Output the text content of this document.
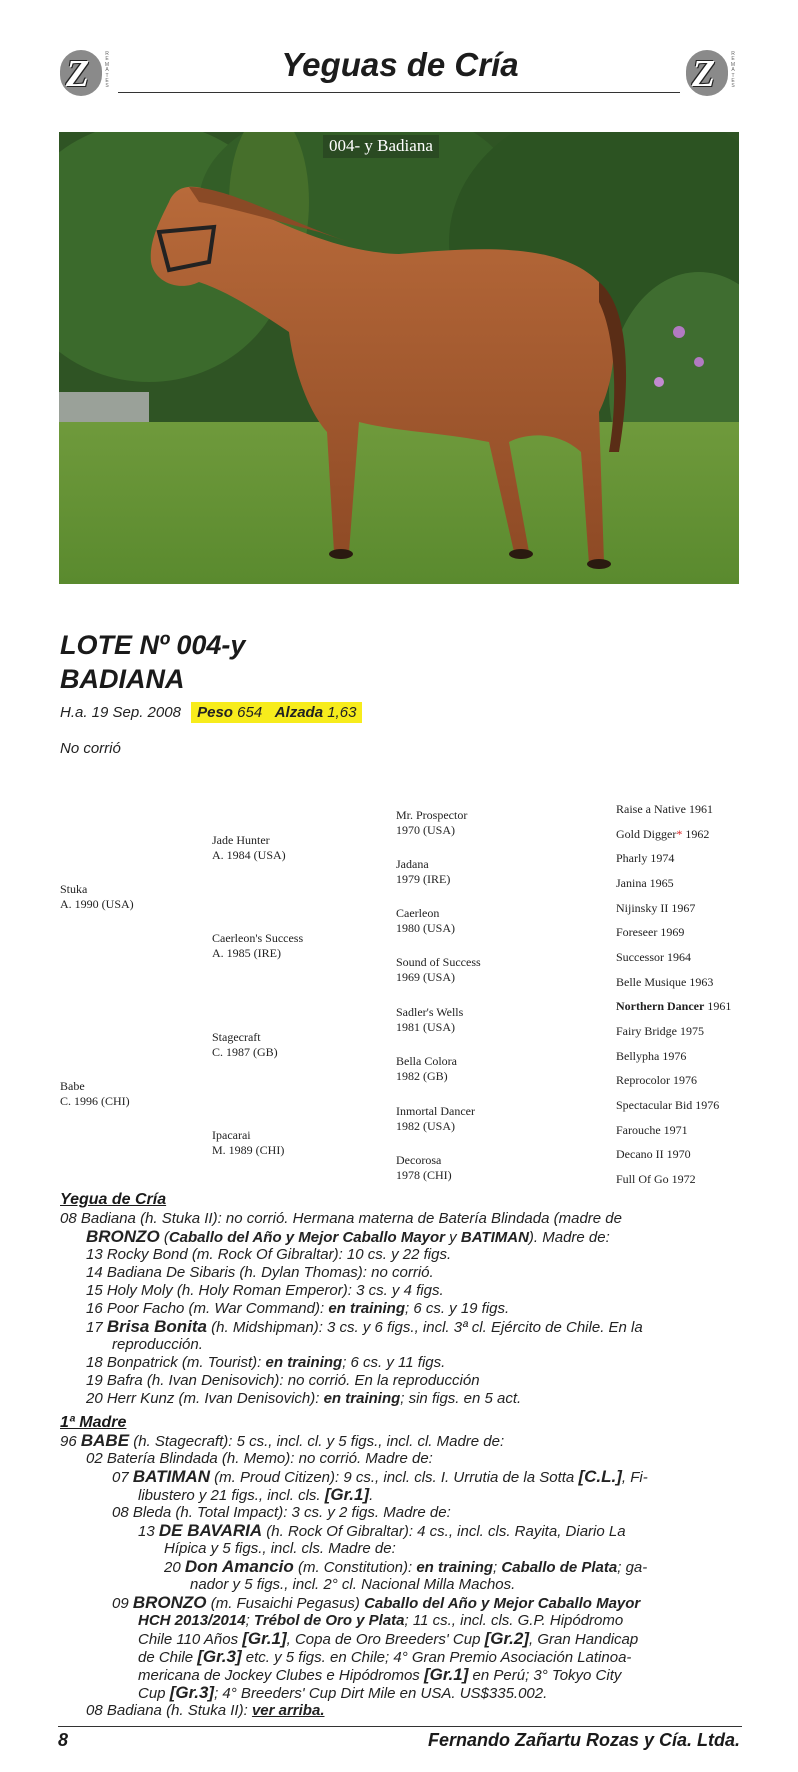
Z	R
E
M
A
T
E
S
Yeguas de Cría	Z	R
E
M
A
T
E
S
004- y Badiana
LOTE Nº 004-y
BADIANA
H.a. 19 Sep. 2008 Peso 654 Alzada 1,63
No corrió
Stuka
A. 1990 (USA)
Babe
C. 1996 (CHI)
Jade Hunter
A. 1984 (USA)
Caerleon's Success
A. 1985 (IRE)
Stagecraft
C. 1987 (GB)
Ipacarai
M. 1989 (CHI)
Mr. Prospector
1970 (USA)
Jadana
1979 (IRE)
Caerleon
1980 (USA)
Sound of Success
1969 (USA)
Sadler's Wells
1981 (USA)
Bella Colora
1982 (GB)
Inmortal Dancer
1982 (USA)
Decorosa
1978 (CHI)
Raise a Native 1961
Gold Digger* 1962
Pharly 1974
Janina 1965
Nijinsky II 1967
Foreseer 1969
Successor 1964
Belle Musique 1963
Northern Dancer 1961
Fairy Bridge 1975
Bellypha 1976
Reprocolor 1976
Spectacular Bid 1976
Farouche 1971
Decano II 1970
Full Of Go 1972
Yegua de Cría
08 Badiana (h. Stuka II): no corrió. Hermana materna de Batería Blindada (madre de
BRONZO (Caballo del Año y Mejor Caballo Mayor y BATIMAN). Madre de:
13 Rocky Bond (m. Rock Of Gibraltar): 10 cs. y 22 figs.
14 Badiana De Sibaris (h. Dylan Thomas): no corrió.
15 Holy Moly (h. Holy Roman Emperor): 3 cs. y 4 figs.
16 Poor Facho (m. War Command): en training; 6 cs. y 19 figs.
17 Brisa Bonita (h. Midshipman): 3 cs. y 6 figs., incl. 3ª cl. Ejército de Chile. En la
reproducción.
18 Bonpatrick (m. Tourist): en training; 6 cs. y 11 figs.
19 Bafra (h. Ivan Denisovich): no corrió. En la reproducción
20 Herr Kunz (m. Ivan Denisovich): en training; sin figs. en 5 act.
1ª Madre
96 BABE (h. Stagecraft): 5 cs., incl. cl. y 5 figs., incl. cl. Madre de:
02 Batería Blindada (h. Memo): no corrió. Madre de:
07 BATIMAN (m. Proud Citizen): 9 cs., incl. cls. I. Urrutia de la Sotta [C.L.], Fi-
libustero y 21 figs., incl. cls. [Gr.1].
08 Bleda (h. Total Impact): 3 cs. y 2 figs. Madre de:
13 DE BAVARIA (h. Rock Of Gibraltar): 4 cs., incl. cls. Rayita, Diario La
Hípica y 5 figs., incl. cls. Madre de:
20 Don Amancio (m. Constitution): en training; Caballo de Plata; ga-
nador y 5 figs., incl. 2° cl. Nacional Milla Machos.
09 BRONZO (m. Fusaichi Pegasus) Caballo del Año y Mejor Caballo Mayor
HCH 2013/2014; Trébol de Oro y Plata; 11 cs., incl. cls. G.P. Hipódromo
Chile 110 Años [Gr.1], Copa de Oro Breeders' Cup [Gr.2], Gran Handicap
de Chile [Gr.3] etc. y 5 figs. en Chile; 4° Gran Premio Asociación Latinoa-
mericana de Jockey Clubes e Hipódromos [Gr.1] en Perú; 3° Tokyo City
Cup [Gr.3]; 4° Breeders' Cup Dirt Mile en USA. US$335.002.
08 Badiana (h. Stuka II): ver arriba.
8	Fernando Zañartu Rozas y Cía. Ltda.
